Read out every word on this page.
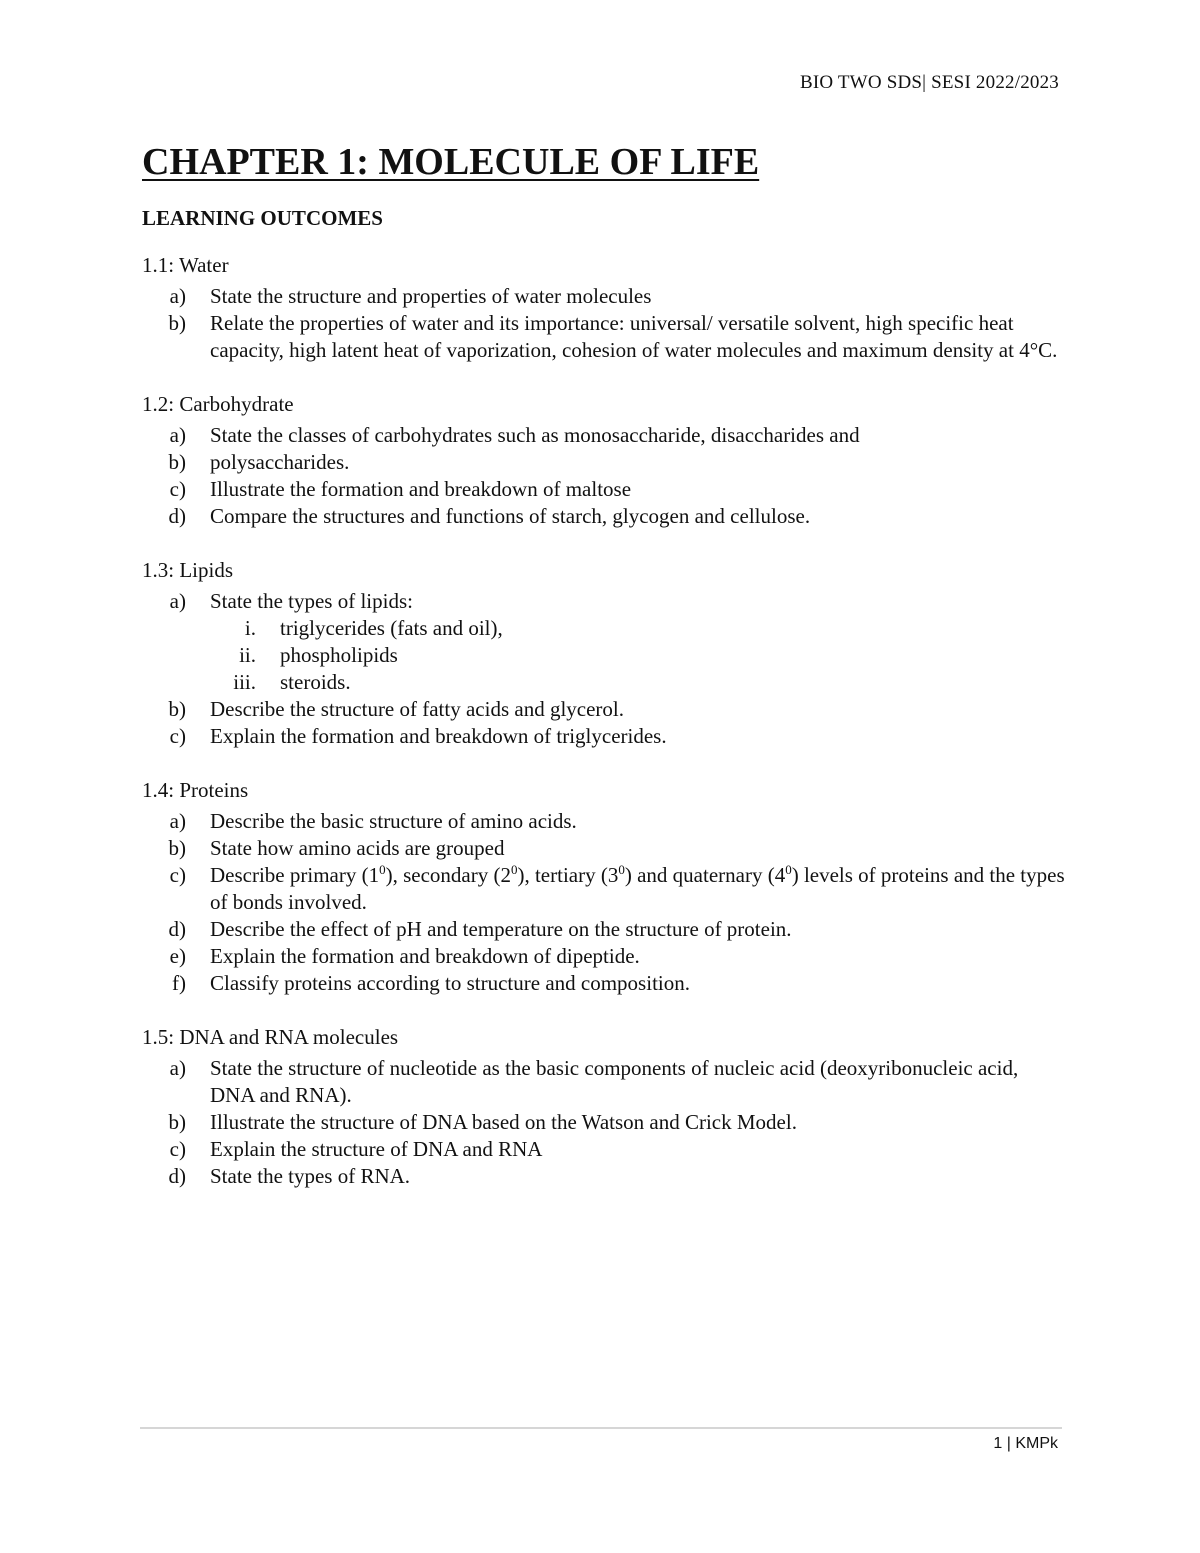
BIO TWO SDS| SESI 2022/2023
CHAPTER 1: MOLECULE OF LIFE
LEARNING OUTCOMES
1.1: Water
a)	State the structure and properties of water molecules
b)	Relate the properties of water and its importance: universal/ versatile solvent, high specific heat capacity, high latent heat of vaporization, cohesion of water molecules and maximum density at 4°C.
1.2: Carbohydrate
a)	State the classes of carbohydrates such as monosaccharide, disaccharides and
b)	polysaccharides.
c)	Illustrate the formation and breakdown of maltose
d)	Compare the structures and functions of starch, glycogen and cellulose.
1.3: Lipids
a)	State the types of lipids:
i.	triglycerides (fats and oil),
ii.	phospholipids
iii.	steroids.
b)	Describe the structure of fatty acids and glycerol.
c)	Explain the formation and breakdown of triglycerides.
1.4: Proteins
a)	Describe the basic structure of amino acids.
b)	State how amino acids are grouped
c)	Describe primary $(1^0)$, secondary $(2^0)$, tertiary $(3^0)$ and quaternary $(4^0)$ levels of proteins and the types of bonds involved.
d)	Describe the effect of pH and temperature on the structure of protein.
e)	Explain the formation and breakdown of dipeptide.
f)	Classify proteins according to structure and composition.
1.5: DNA and RNA molecules
a)	State the structure of nucleotide as the basic components of nucleic acid (deoxyribonucleic acid, DNA and RNA).
b)	Illustrate the structure of DNA based on the Watson and Crick Model.
c)	Explain the structure of DNA and RNA
d)	State the types of RNA.
1 | KMPk
